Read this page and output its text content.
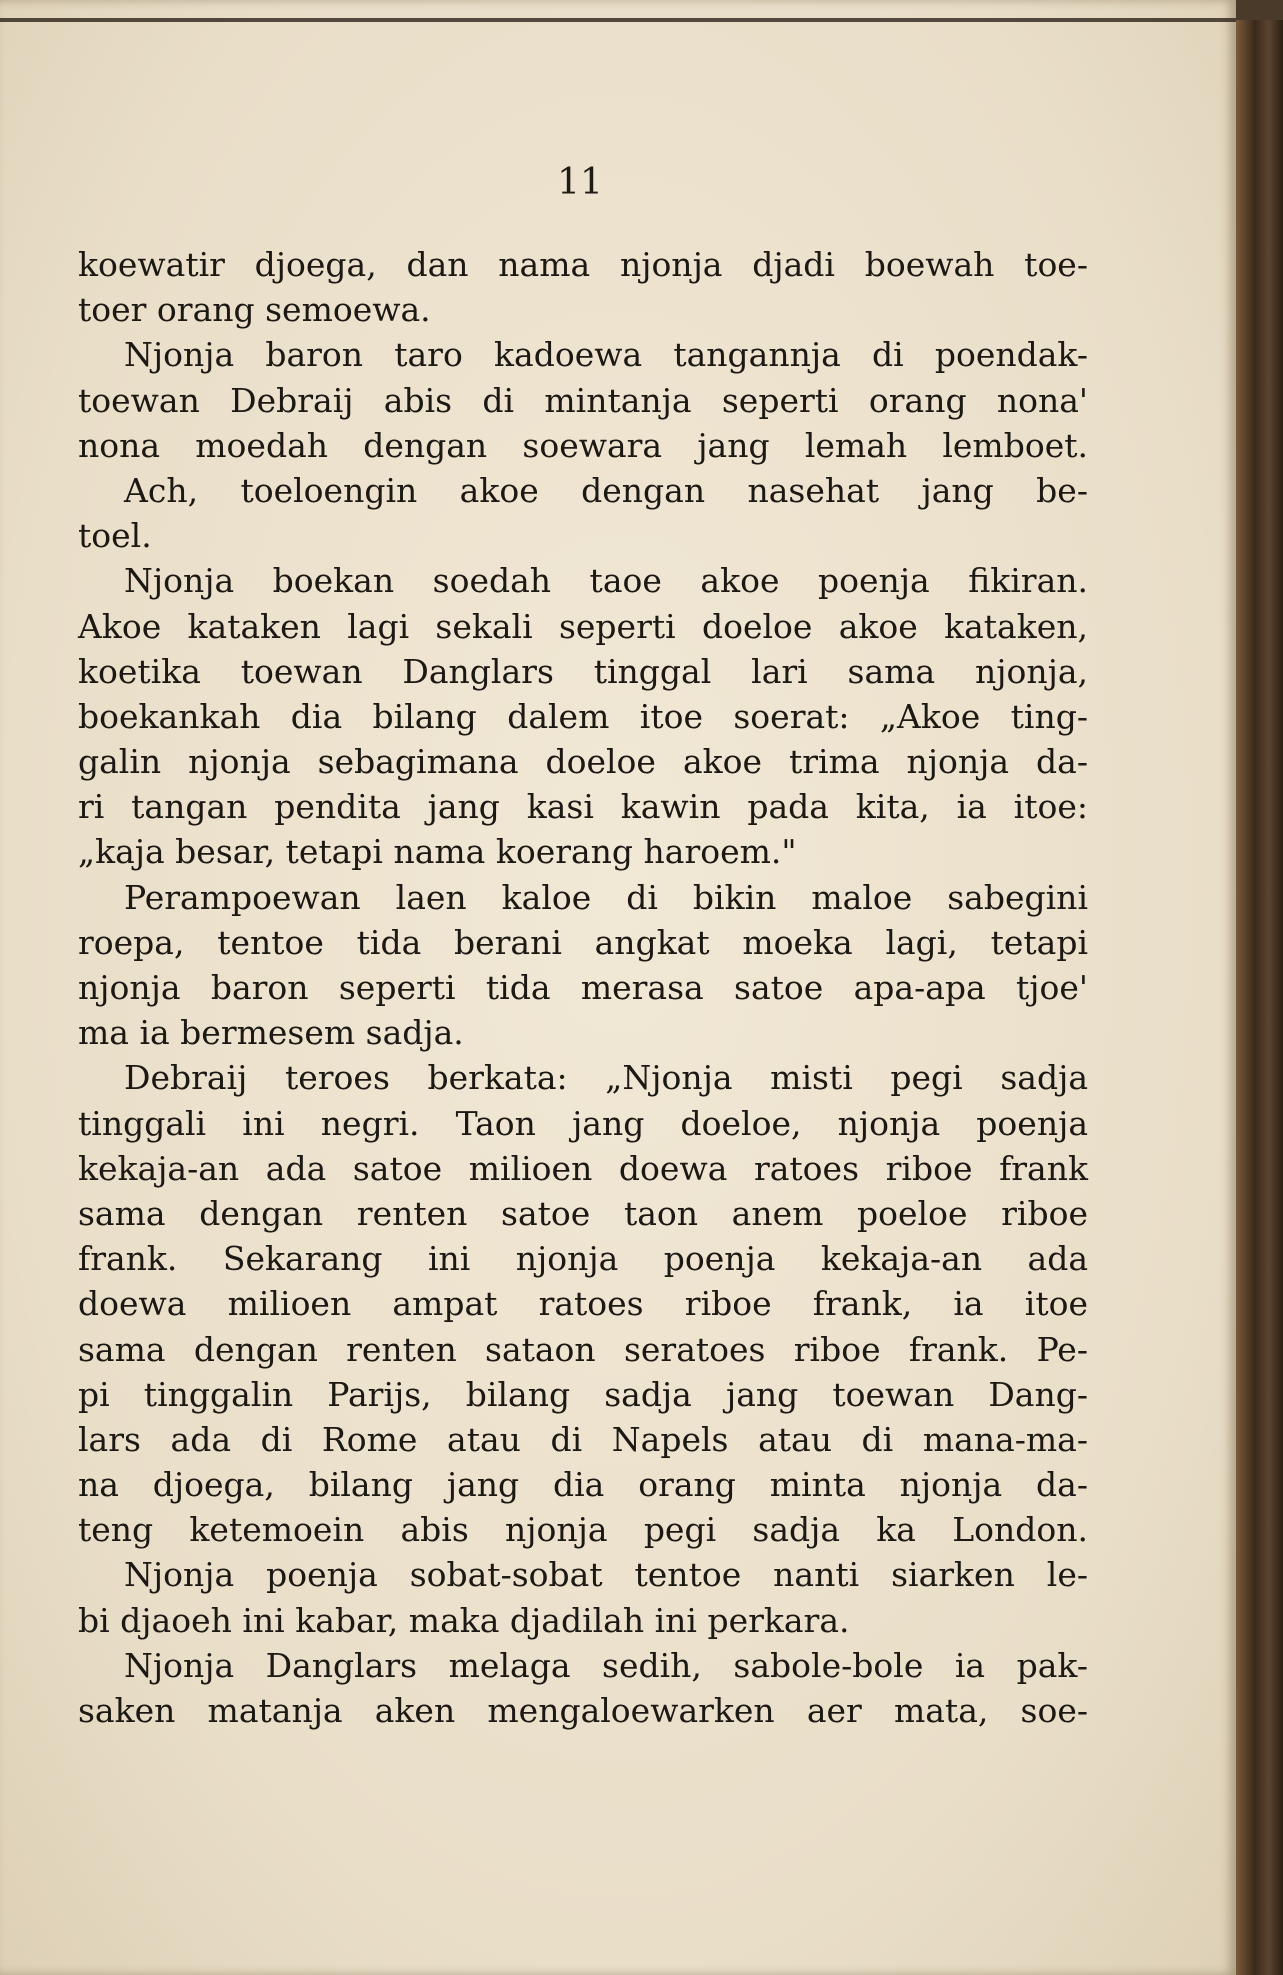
11
koewatir djoega, dan nama njonja djadi boewah toe-
toer orang semoewa.
Njonja baron taro kadoewa tangannja di poendak-
toewan Debraij abis di mintanja seperti orang nona'
nona moedah dengan soewara jang lemah lemboet.
Ach, toeloengin akoe dengan nasehat jang be-
toel.
Njonja boekan soedah taoe akoe poenja fikiran.
Akoe kataken lagi sekali seperti doeloe akoe kataken,
koetika toewan Danglars tinggal lari sama njonja,
boekankah dia bilang dalem itoe soerat: „Akoe ting-
galin njonja sebagimana doeloe akoe trima njonja da-
ri tangan pendita jang kasi kawin pada kita, ia itoe:
„kaja besar, tetapi nama koerang haroem."
Perampoewan laen kaloe di bikin maloe sabegini
roepa, tentoe tida berani angkat moeka lagi, tetapi
njonja baron seperti tida merasa satoe apa-apa tjoe'
ma ia bermesem sadja.
Debraij teroes berkata: „Njonja misti pegi sadja
tinggali ini negri. Taon jang doeloe, njonja poenja
kekaja-an ada satoe milioen doewa ratoes riboe frank
sama dengan renten satoe taon anem poeloe riboe
frank. Sekarang ini njonja poenja kekaja-an ada
doewa milioen ampat ratoes riboe frank, ia itoe
sama dengan renten sataon seratoes riboe frank. Pe-
pi tinggalin Parijs, bilang sadja jang toewan Dang-
lars ada di Rome atau di Napels atau di mana-ma-
na djoega, bilang jang dia orang minta njonja da-
teng ketemoein abis njonja pegi sadja ka London.
Njonja poenja sobat-sobat tentoe nanti siarken le-
bi djaoeh ini kabar, maka djadilah ini perkara.
Njonja Danglars melaga sedih, sabole-bole ia pak-
saken matanja aken mengaloewarken aer mata, soe-
